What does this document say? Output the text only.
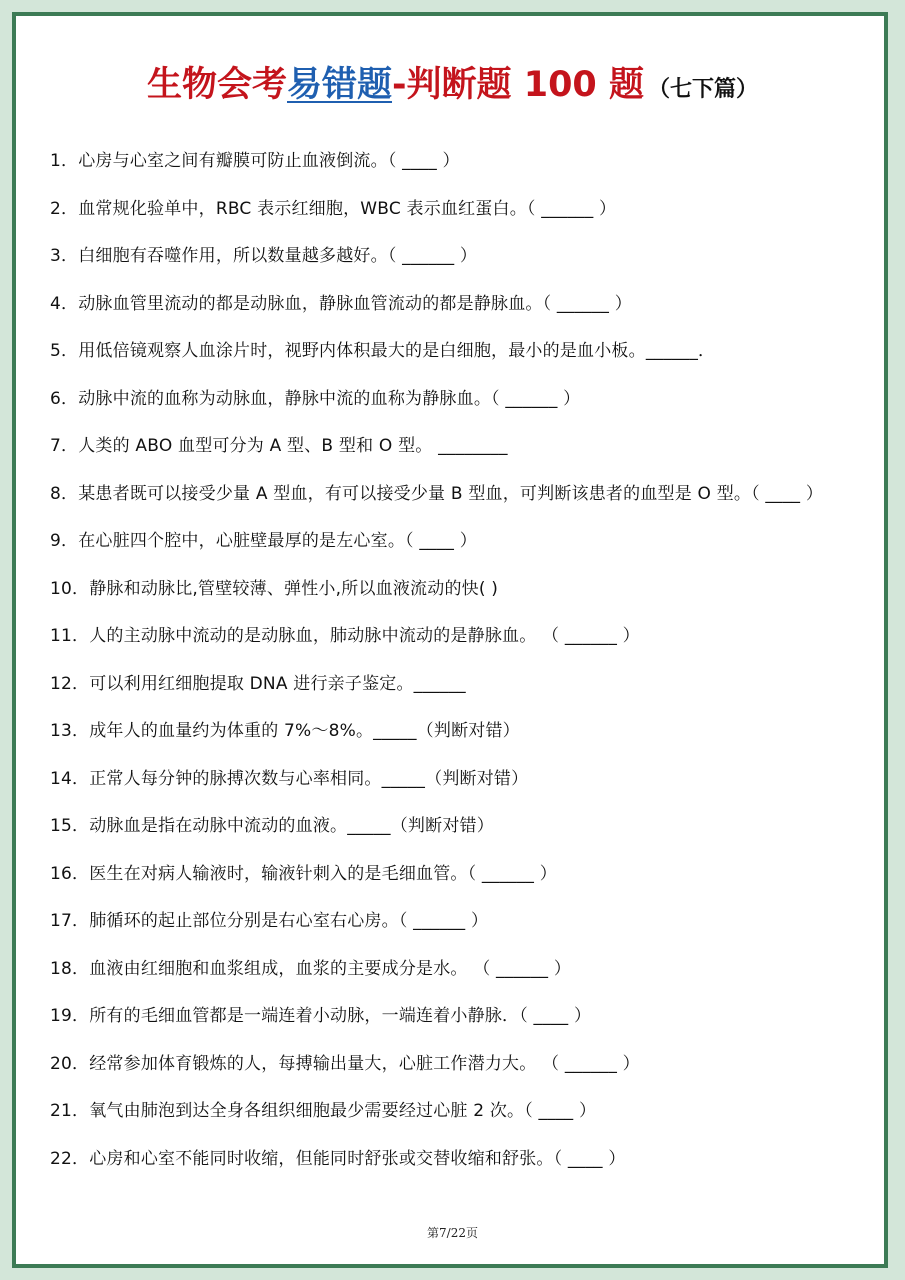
生物会考易错题-判断题 100 题 （七下篇）
1．心房与心室之间有瓣膜可防止血液倒流。（ ____ ）
2．血常规化验单中，RBC 表示红细胞，WBC 表示血红蛋白。（ ______ ）
3．白细胞有吞噬作用，所以数量越多越好。（ ______ ）
4．动脉血管里流动的都是动脉血，静脉血管流动的都是静脉血。（ ______ ）
5．用低倍镜观察人血涂片时，视野内体积最大的是白细胞，最小的是血小板。______．
6．动脉中流的血称为动脉血，静脉中流的血称为静脉血。（ ______ ）
7．人类的 ABO 血型可分为 A 型、B 型和 O 型。 ________
8．某患者既可以接受少量 A 型血，有可以接受少量 B 型血，可判断该患者的血型是 O 型。（ ____ ）
9．在心脏四个腔中，心脏壁最厚的是左心室。（ ____ ）
10．静脉和动脉比,管壁较薄、弹性小,所以血液流动的快( )
11．人的主动脉中流动的是动脉血，肺动脉中流动的是静脉血。 （ ______ ）
12．可以利用红细胞提取 DNA 进行亲子鉴定。______
13．成年人的血量约为体重的 7%～8%。_____（判断对错）
14．正常人每分钟的脉搏次数与心率相同。_____（判断对错）
15．动脉血是指在动脉中流动的血液。_____（判断对错）
16．医生在对病人输液时，输液针刺入的是毛细血管。（ ______ ）
17．肺循环的起止部位分别是右心室右心房。（ ______ ）
18．血液由红细胞和血浆组成，血浆的主要成分是水。 （ ______ ）
19．所有的毛细血管都是一端连着小动脉，一端连着小静脉．（ ____ ）
20．经常参加体育锻炼的人，每搏输出量大，心脏工作潜力大。 （ ______ ）
21．氧气由肺泡到达全身各组织细胞最少需要经过心脏 2 次。（ ____ ）
22．心房和心室不能同时收缩，但能同时舒张或交替收缩和舒张。（ ____ ）
第7/22页
